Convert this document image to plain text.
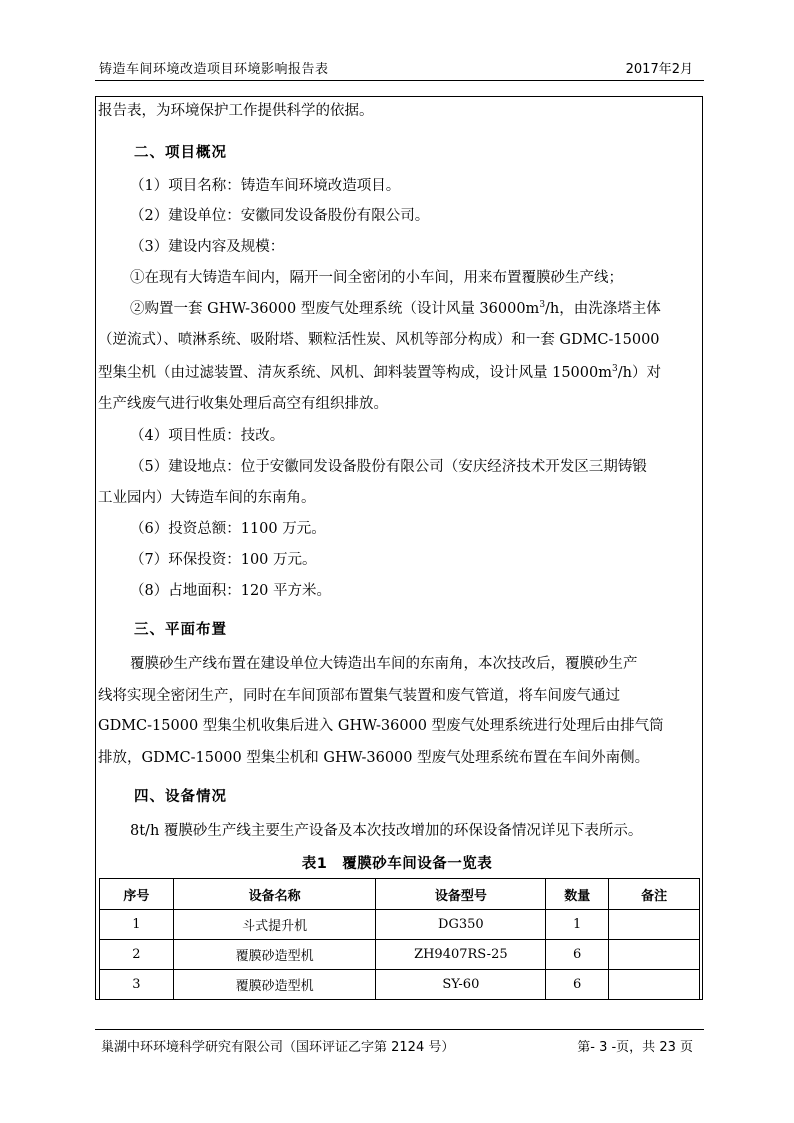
铸造车间环境改造项目环境影响报告表	2017年2月
报告表，为环境保护工作提供科学的依据。
二、项目概况
（1）项目名称：铸造车间环境改造项目。
（2）建设单位：安徽同发设备股份有限公司。
（3）建设内容及规模：
①在现有大铸造车间内，隔开一间全密闭的小车间，用来布置覆膜砂生产线；
②购置一套 GHW-36000 型废气处理系统（设计风量 $36000m^3/h$，由洗涤塔主体
（逆流式）、喷淋系统、吸附塔、颗粒活性炭、风机等部分构成）和一套 GDMC-15000
型集尘机（由过滤装置、清灰系统、风机、卸料装置等构成，设计风量 $15000m^3/h$）对
生产线废气进行收集处理后高空有组织排放。
（4）项目性质：技改。
（5）建设地点：位于安徽同发设备股份有限公司（安庆经济技术开发区三期铸锻
工业园内）大铸造车间的东南角。
（6）投资总额：1100 万元。
（7）环保投资：100 万元。
（8）占地面积：120 平方米。
三、平面布置
覆膜砂生产线布置在建设单位大铸造出车间的东南角，本次技改后，覆膜砂生产
线将实现全密闭生产，同时在车间顶部布置集气装置和废气管道，将车间废气通过
GDMC-15000 型集尘机收集后进入 GHW-36000 型废气处理系统进行处理后由排气筒
排放，GDMC-15000 型集尘机和 GHW-36000 型废气处理系统布置在车间外南侧。
四、设备情况
8t/h 覆膜砂生产线主要生产设备及本次技改增加的环保设备情况详见下表所示。
表1　覆膜砂车间设备一览表
序号	设备名称	设备型号	数量	备注
1	斗式提升机	DG350	1	
2	覆膜砂造型机	ZH9407RS-25	6	
3	覆膜砂造型机	SY-60	6	
巢湖中环环境科学研究有限公司（国环评证乙字第 2124 号）	第- 3 -页，共 23 页
